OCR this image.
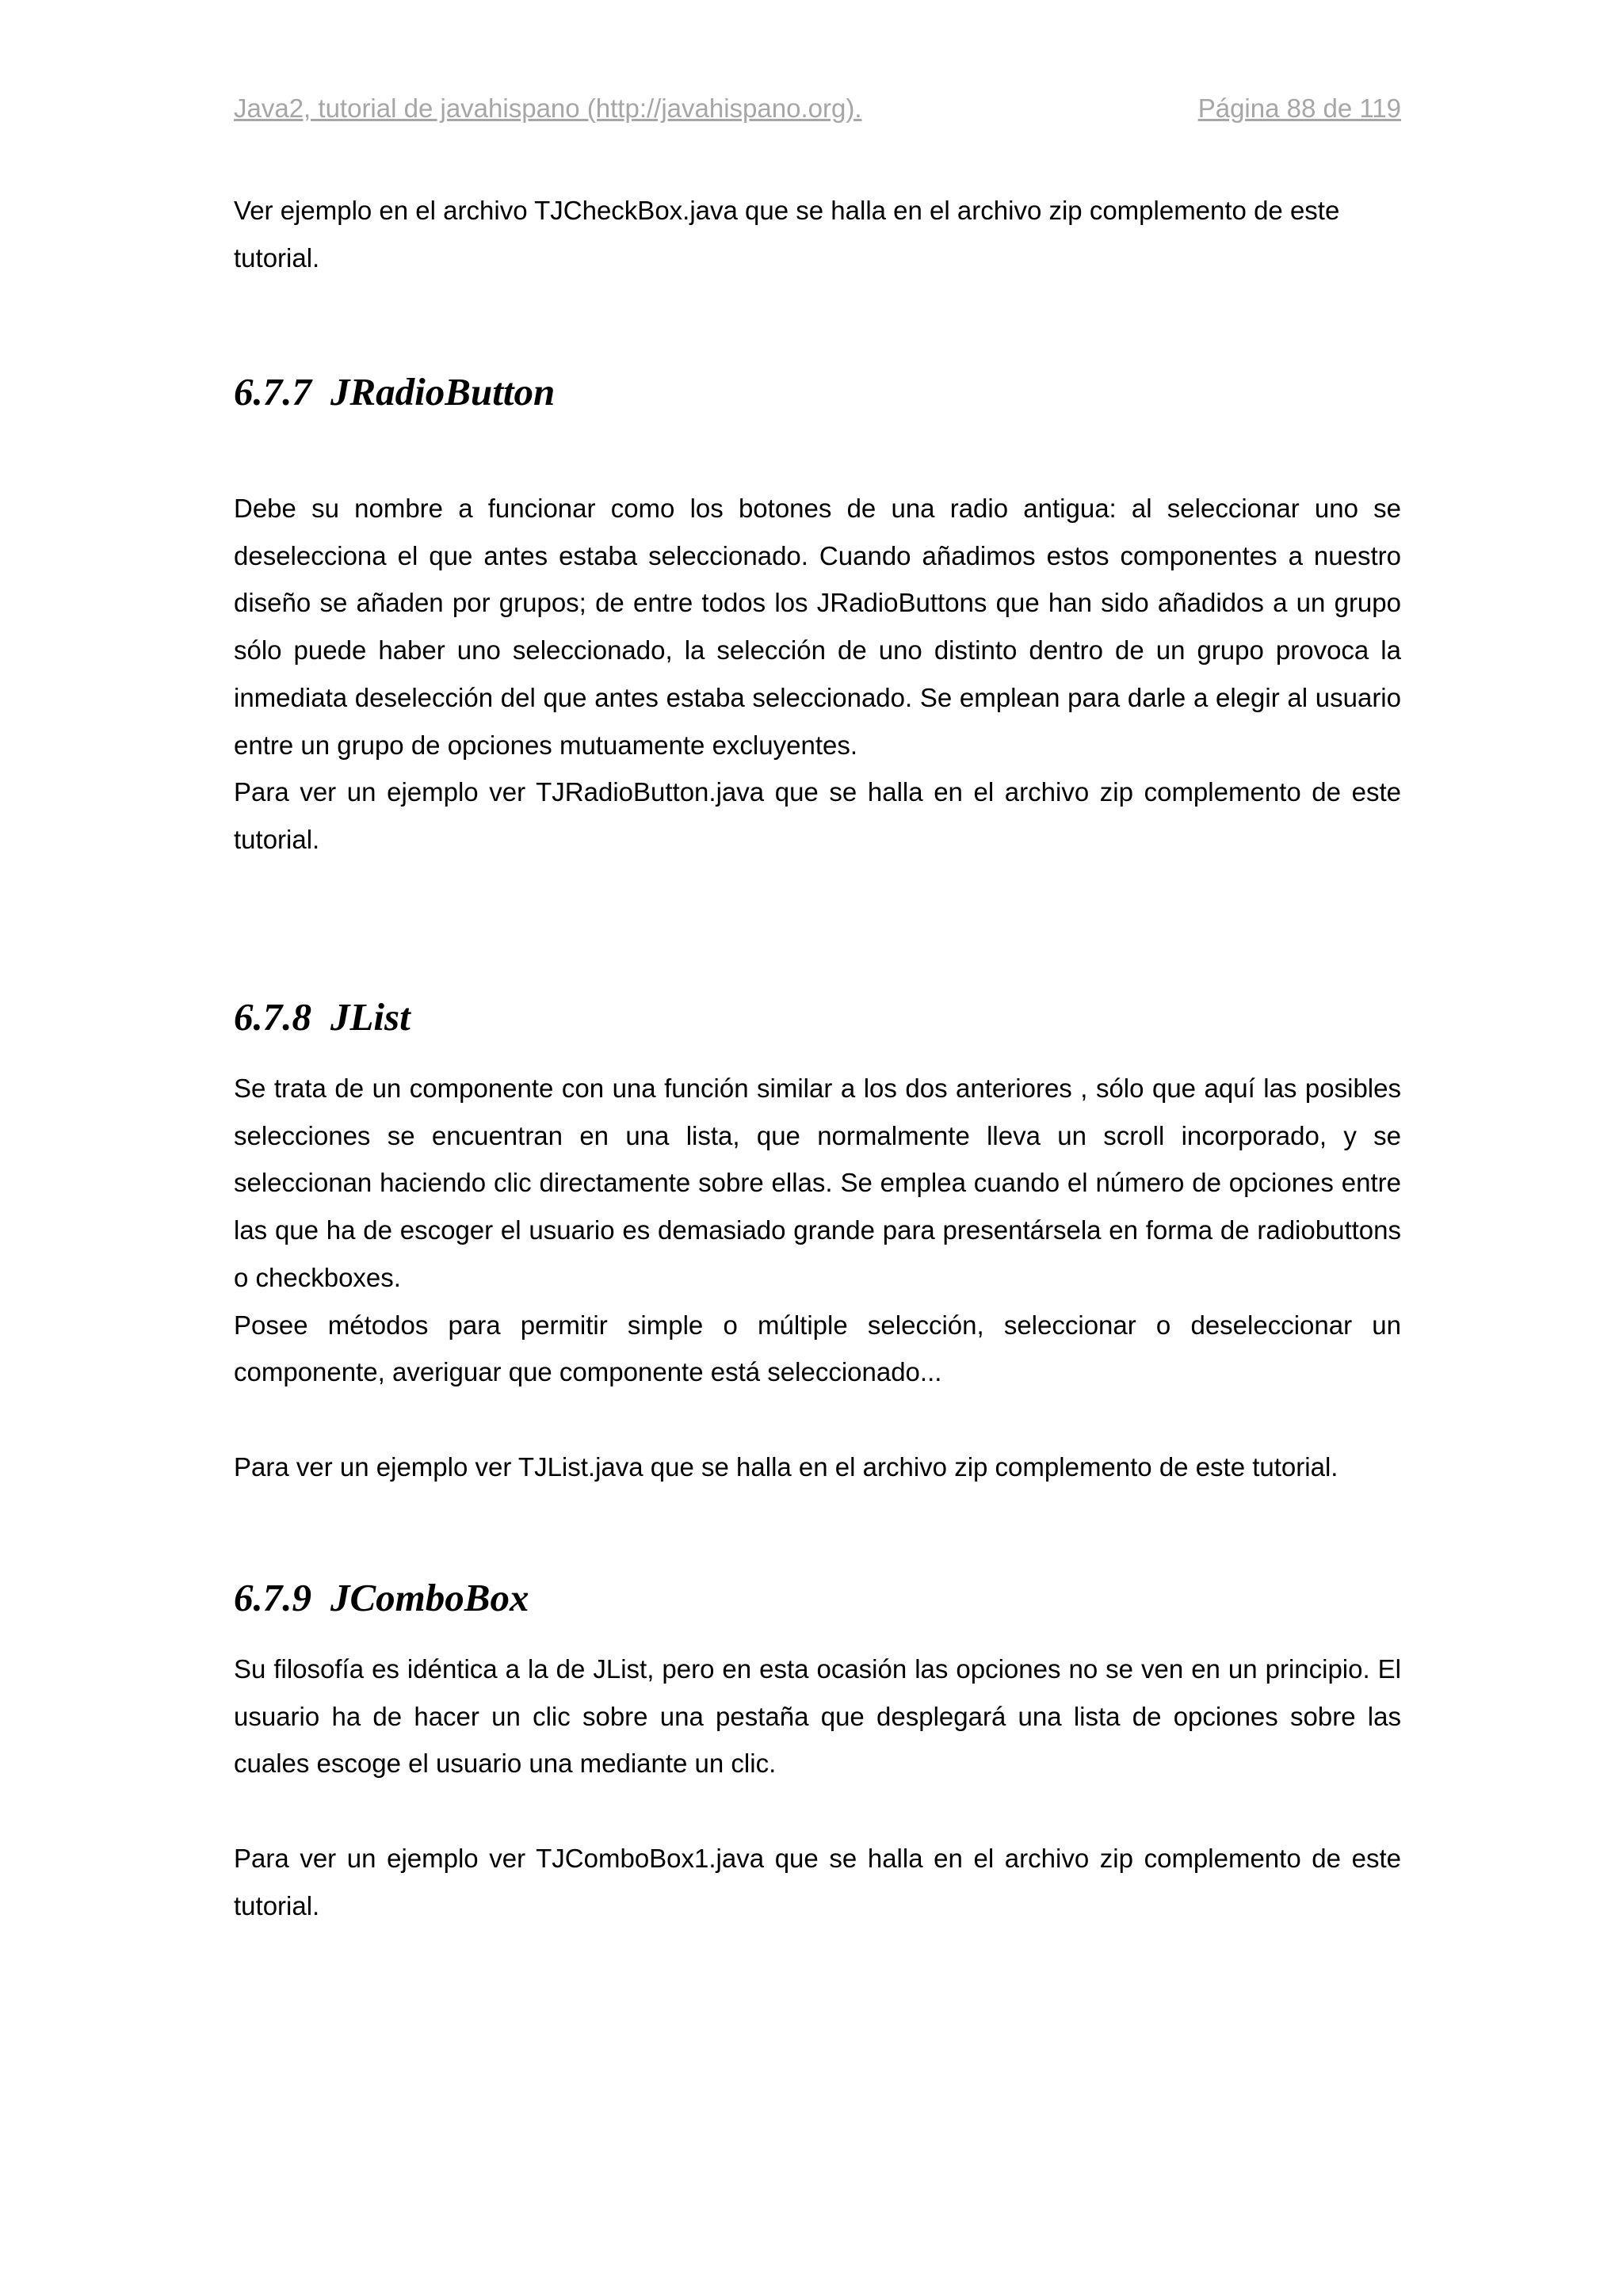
Java2, tutorial de javahispano (http://javahispano.org).	Página 88 de 119

Ver ejemplo en el archivo TJCheckBox.java que se halla en el archivo zip complemento de este tutorial.

6.7.7 JRadioButton

Debe su nombre a funcionar como los botones de una radio antigua: al seleccionar uno se deselecciona el que antes estaba seleccionado. Cuando añadimos estos componentes a nuestro diseño se añaden por grupos; de entre todos los JRadioButtons que han sido añadidos a un grupo sólo puede haber uno seleccionado, la selección de uno distinto dentro de un grupo provoca la inmediata deselección del que antes estaba seleccionado. Se emplean para darle a elegir al usuario entre un grupo de opciones mutuamente excluyentes.

Para ver un ejemplo ver TJRadioButton.java que se halla en el archivo zip complemento de este tutorial.

6.7.8 JList

Se trata de un componente con una función similar a los dos anteriores , sólo que aquí las posibles selecciones se encuentran en una lista, que normalmente lleva un scroll incorporado, y se seleccionan haciendo clic directamente sobre ellas. Se emplea cuando el número de opciones entre las que ha de escoger el usuario es demasiado grande para presentársela en forma de radiobuttons o checkboxes.

Posee métodos para permitir simple o múltiple selección, seleccionar o deseleccionar un componente, averiguar que componente está seleccionado...

Para ver un ejemplo ver TJList.java que se halla en el archivo zip complemento de este tutorial.

6.7.9 JComboBox

Su filosofía es idéntica a la de JList, pero en esta ocasión las opciones no se ven en un principio. El usuario ha de hacer un clic sobre una pestaña que desplegará una lista de opciones sobre las cuales escoge el usuario una mediante un clic.

Para ver un ejemplo ver TJComboBox1.java que se halla en el archivo zip complemento de este tutorial.
